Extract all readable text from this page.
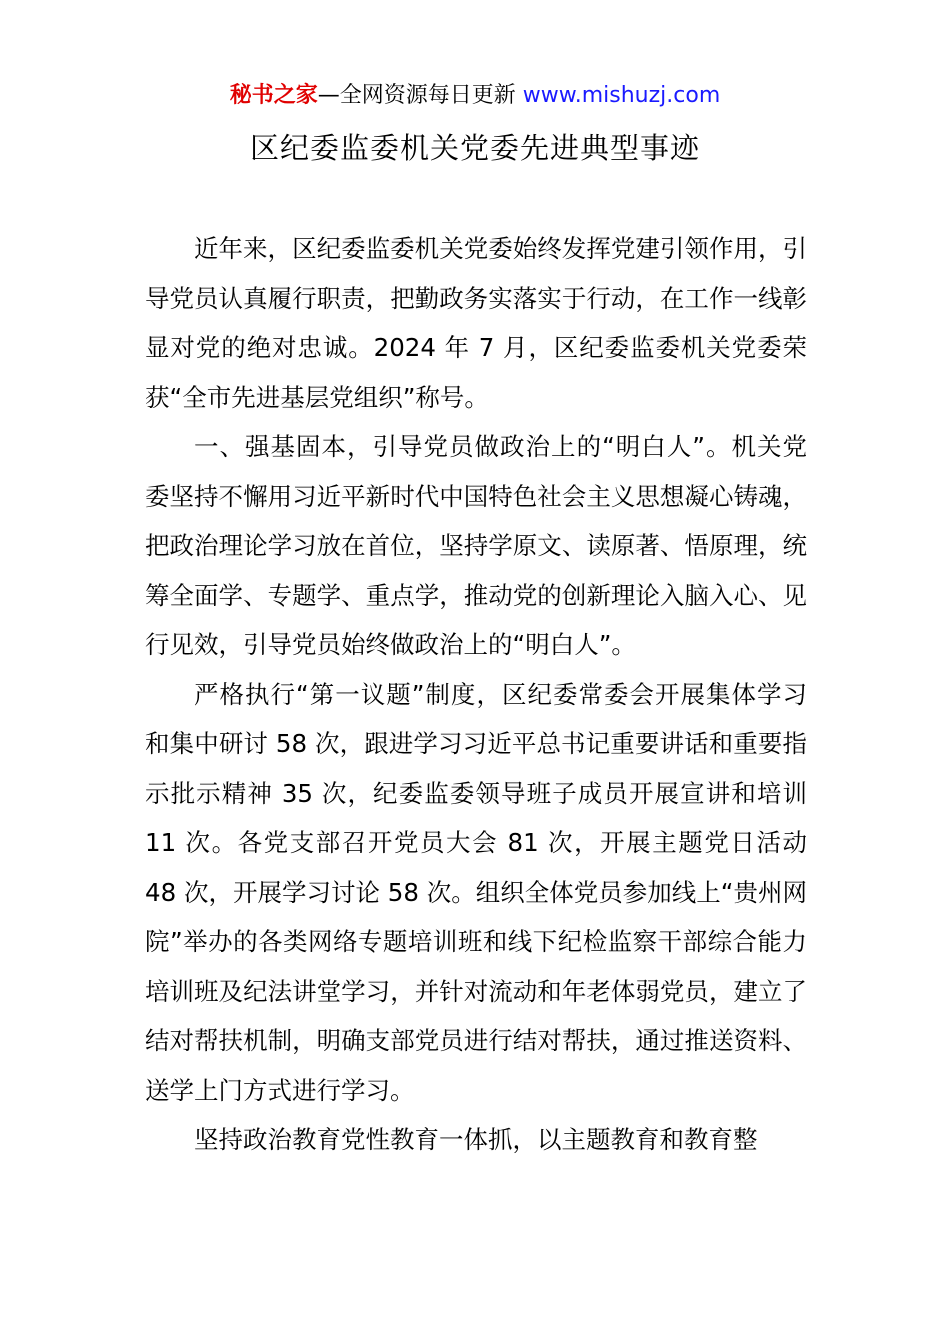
秘书之家—全网资源每日更新 www.mishuzj.com
区纪委监委机关党委先进典型事迹

近年来，区纪委监委机关党委始终发挥党建引领作用，引导党员认真履行职责，把勤政务实落实于行动，在工作一线彰显对党的绝对忠诚。2024 年 7 月，区纪委监委机关党委荣获“全市先进基层党组织”称号。

一、强基固本，引导党员做政治上的“明白人”。机关党委坚持不懈用习近平新时代中国特色社会主义思想凝心铸魂，把政治理论学习放在首位，坚持学原文、读原著、悟原理，统筹全面学、专题学、重点学，推动党的创新理论入脑入心、见行见效，引导党员始终做政治上的“明白人”。

严格执行“第一议题”制度，区纪委常委会开展集体学习和集中研讨 58 次，跟进学习习近平总书记重要讲话和重要指示批示精神 35 次，纪委监委领导班子成员开展宣讲和培训 11 次。各党支部召开党员大会 81 次，开展主题党日活动 48 次，开展学习讨论 58 次。组织全体党员参加线上“贵州网院”举办的各类网络专题培训班和线下纪检监察干部综合能力培训班及纪法讲堂学习，并针对流动和年老体弱党员，建立了结对帮扶机制，明确支部党员进行结对帮扶，通过推送资料、送学上门方式进行学习。

坚持政治教育党性教育一体抓，以主题教育和教育整
